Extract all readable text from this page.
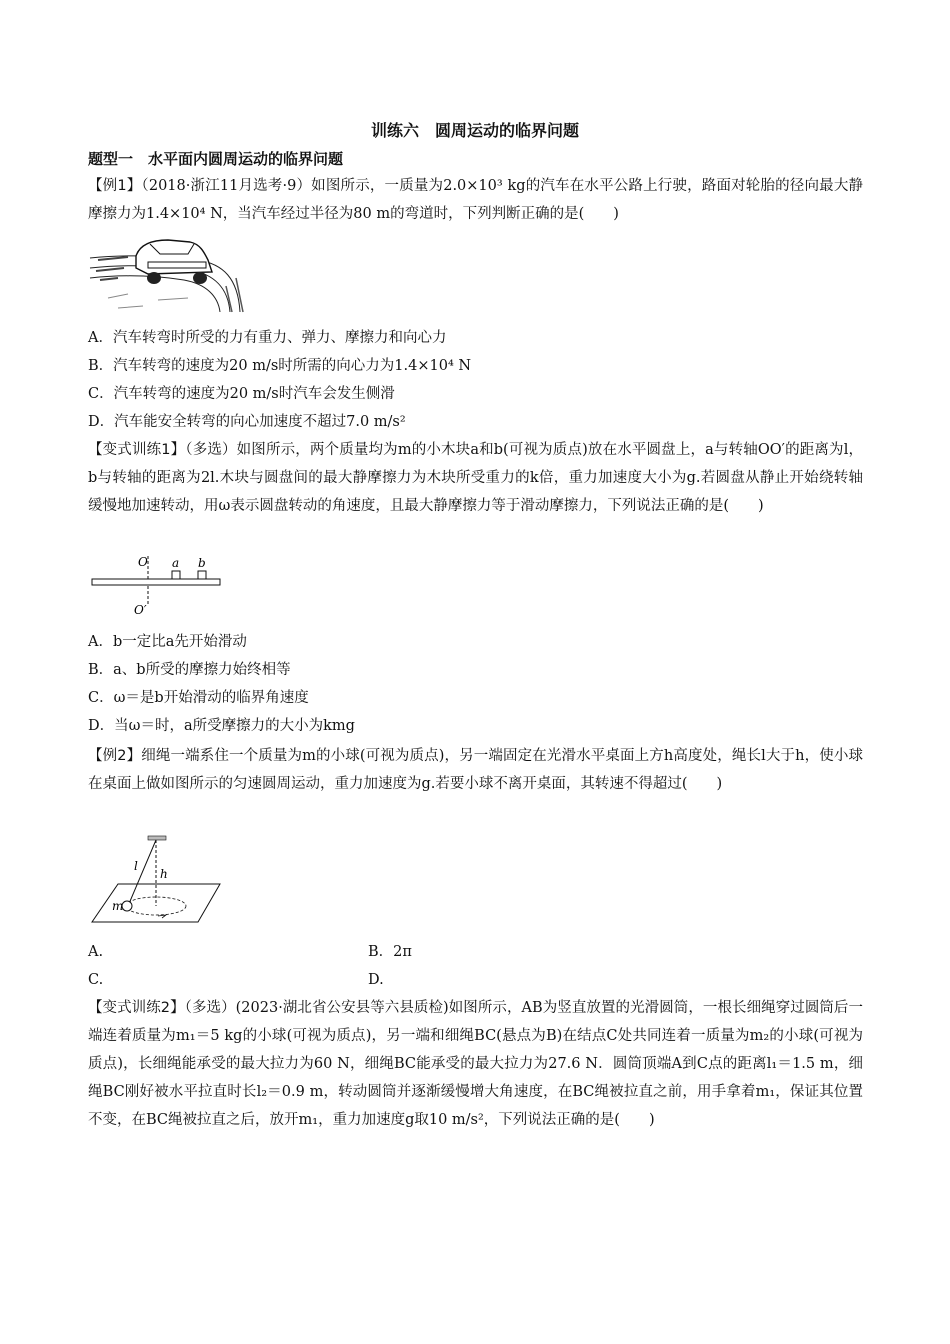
训练六　圆周运动的临界问题
题型一　水平面内圆周运动的临界问题
【例1】（2018·浙江11月选考·9）如图所示，一质量为2.0×10³ kg的汽车在水平公路上行驶，路面对轮胎的径向最大静摩擦力为1.4×10⁴ N，当汽车经过半径为80 m的弯道时，下列判断正确的是(　　)
A．汽车转弯时所受的力有重力、弹力、摩擦力和向心力
B．汽车转弯的速度为20 m/s时所需的向心力为1.4×10⁴ N
C．汽车转弯的速度为20 m/s时汽车会发生侧滑
D．汽车能安全转弯的向心加速度不超过7.0 m/s²
【变式训练1】（多选）如图所示，两个质量均为m的小木块a和b(可视为质点)放在水平圆盘上，a与转轴OO′的距离为l，b与转轴的距离为2l.木块与圆盘间的最大静摩擦力为木块所受重力的k倍，重力加速度大小为g.若圆盘从静止开始绕转轴缓慢地加速转动，用ω表示圆盘转动的角速度，且最大静摩擦力等于滑动摩擦力，下列说法正确的是(　　)
O a b
O′
A．b一定比a先开始滑动
B．a、b所受的摩擦力始终相等
C．ω＝是b开始滑动的临界角速度
D．当ω＝时，a所受摩擦力的大小为kmg
【例2】细绳一端系住一个质量为m的小球(可视为质点)，另一端固定在光滑水平桌面上方h高度处，绳长l大于h，使小球在桌面上做如图所示的匀速圆周运动，重力加速度为g.若要小球不离开桌面，其转速不得超过(　　)
l
h
m
A.	B．2π
C.	D.
【变式训练2】（多选）(2023·湖北省公安县等六县质检)如图所示，AB为竖直放置的光滑圆筒，一根长细绳穿过圆筒后一端连着质量为m₁＝5 kg的小球(可视为质点)，另一端和细绳BC(悬点为B)在结点C处共同连着一质量为m₂的小球(可视为质点)，长细绳能承受的最大拉力为60 N，细绳BC能承受的最大拉力为27.6 N．圆筒顶端A到C点的距离l₁＝1.5 m，细绳BC刚好被水平拉直时长l₂＝0.9 m，转动圆筒并逐渐缓慢增大角速度，在BC绳被拉直之前，用手拿着m₁，保证其位置不变，在BC绳被拉直之后，放开m₁，重力加速度g取10 m/s²，下列说法正确的是(　　)
